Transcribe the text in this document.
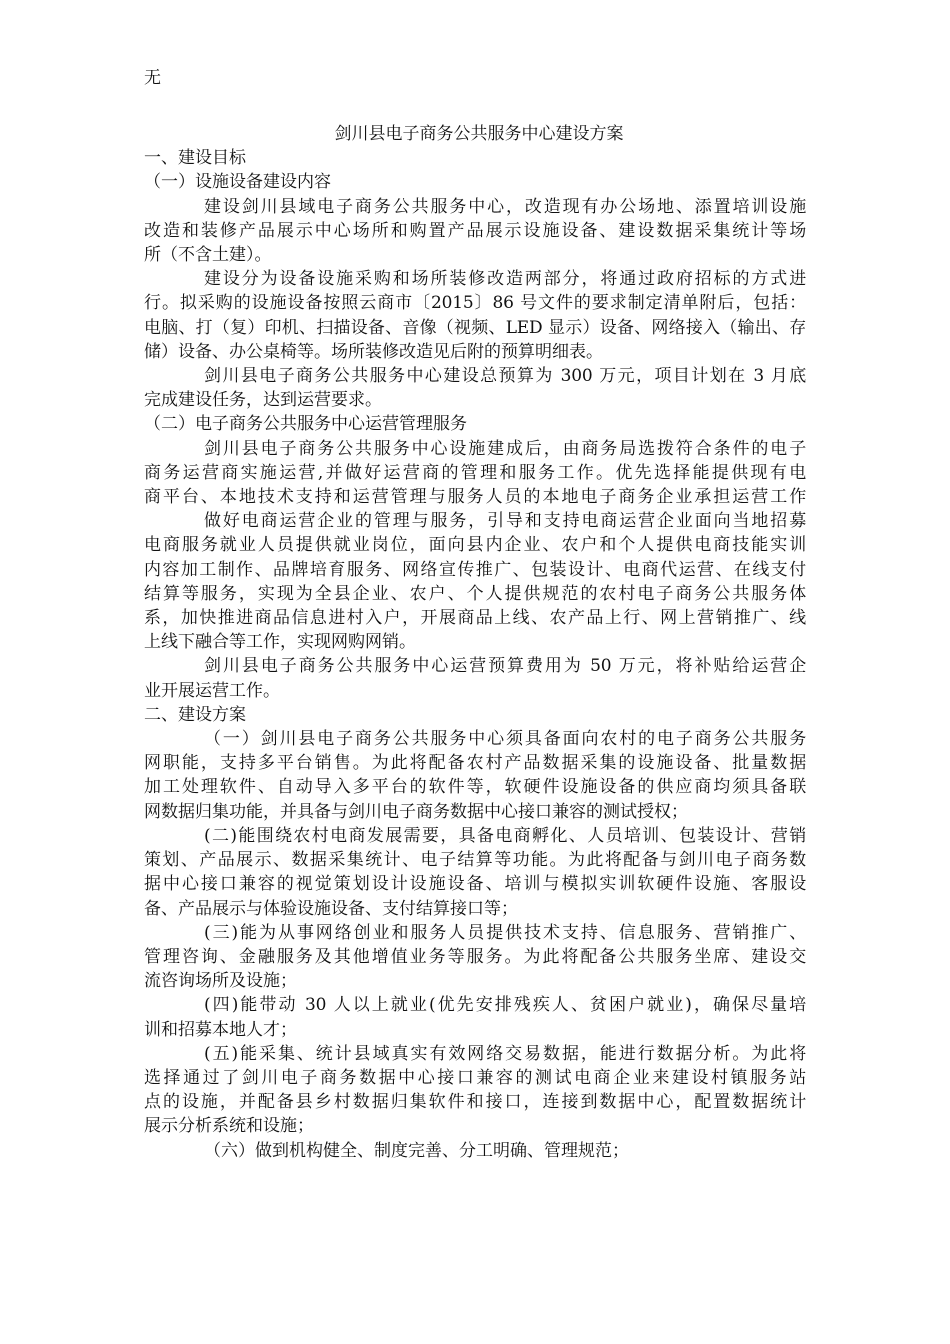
无

剑川县电子商务公共服务中心建设方案

一、建设目标

（一）设施设备建设内容

建设剑川县域电子商务公共服务中心，改造现有办公场地、添置培训设施

改造和装修产品展示中心场所和购置产品展示设施设备、建设数据采集统计等场

所（不含土建）。

建设分为设备设施采购和场所装修改造两部分，将通过政府招标的方式进

行。拟采购的设施设备按照云商市〔2015〕86 号文件的要求制定清单附后，包括：

电脑、打（复）印机、扫描设备、音像（视频、LED 显示）设备、网络接入（输出、存

储）设备、办公桌椅等。场所装修改造见后附的预算明细表。

剑川县电子商务公共服务中心建设总预算为 300 万元，项目计划在 3 月底

完成建设任务，达到运营要求。

（二）电子商务公共服务中心运营管理服务

剑川县电子商务公共服务中心设施建成后，由商务局选拨符合条件的电子

商务运营商实施运营,并做好运营商的管理和服务工作。优先选择能提供现有电

商平台、本地技术支持和运营管理与服务人员的本地电子商务企业承担运营工作

做好电商运营企业的管理与服务，引导和支持电商运营企业面向当地招募

电商服务就业人员提供就业岗位，面向县内企业、农户和个人提供电商技能实训

内容加工制作、品牌培育服务、网络宣传推广、包装设计、电商代运营、在线支付

结算等服务，实现为全县企业、农户、个人提供规范的农村电子商务公共服务体

系，加快推进商品信息进村入户，开展商品上线、农产品上行、网上营销推广、线

上线下融合等工作，实现网购网销。

剑川县电子商务公共服务中心运营预算费用为 50 万元，将补贴给运营企

业开展运营工作。

二、建设方案

（一）剑川县电子商务公共服务中心须具备面向农村的电子商务公共服务

网职能，支持多平台销售。为此将配备农村产品数据采集的设施设备、批量数据

加工处理软件、自动导入多平台的软件等，软硬件设施设备的供应商均须具备联

网数据归集功能，并具备与剑川电子商务数据中心接口兼容的测试授权；

(二)能围绕农村电商发展需要，具备电商孵化、人员培训、包装设计、营销

策划、产品展示、数据采集统计、电子结算等功能。为此将配备与剑川电子商务数

据中心接口兼容的视觉策划设计设施设备、培训与模拟实训软硬件设施、客服设

备、产品展示与体验设施设备、支付结算接口等；

(三)能为从事网络创业和服务人员提供技术支持、信息服务、营销推广、

管理咨询、金融服务及其他增值业务等服务。为此将配备公共服务坐席、建设交

流咨询场所及设施；

(四)能带动 30 人以上就业(优先安排残疾人、贫困户就业)，确保尽量培

训和招募本地人才；

(五)能采集、统计县域真实有效网络交易数据，能进行数据分析。为此将

选择通过了剑川电子商务数据中心接口兼容的测试电商企业来建设村镇服务站

点的设施，并配备县乡村数据归集软件和接口，连接到数据中心，配置数据统计

展示分析系统和设施；

（六）做到机构健全、制度完善、分工明确、管理规范；
